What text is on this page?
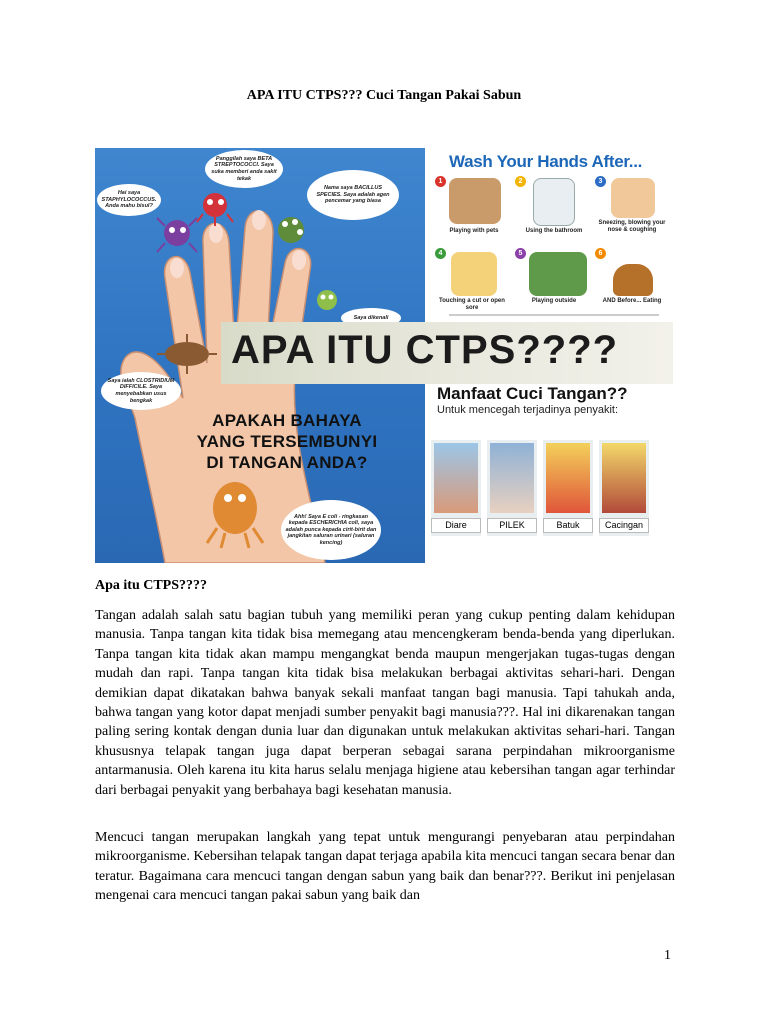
APA ITU CTPS??? Cuci Tangan Pakai Sabun
Panggilah saya BETA STREPTOCOCCI. Saya suka memberi anda sakit tekak
Hai saya STAPHYLOCOCCUS. Anda mahu bisul?
Nama saya BACILLUS SPECIES. Saya adalah agen pencemar yang biasa
Saya dikenali
Saya ialah CLOSTRIDIUM DIFFICILE. Saya menyebabkan usus bengkak
Ahh! Saya E coli - ringkasan kepada ESCHERICHIA coli, saya adalah punca kepada cirit-birit dan jangkitan saluran urinari (saluran kencing)
APAKAH BAHAYA
YANG TERSEMBUNYI
DI TANGAN ANDA?
Wash Your Hands After...
1
Playing with pets
2
Using the bathroom
3
Sneezing, blowing your nose & coughing
4
Touching a cut or open sore
5
Playing outside
6
AND Before... Eating
APA ITU CTPS????
Manfaat Cuci Tangan??
Untuk mencegah terjadinya penyakit:
Diare	PILEK	Batuk	Cacingan
Apa itu CTPS????

Tangan adalah salah satu bagian tubuh yang memiliki peran yang cukup penting dalam kehidupan manusia. Tanpa tangan kita tidak bisa memegang atau mencengkeram benda-benda yang diperlukan. Tanpa tangan kita tidak akan mampu mengangkat benda maupun mengerjakan tugas-tugas dengan mudah dan rapi. Tanpa tangan kita tidak bisa melakukan berbagai aktivitas sehari-hari. Dengan demikian dapat dikatakan bahwa banyak sekali manfaat tangan bagi manusia. Tapi tahukah anda, bahwa tangan yang kotor dapat menjadi sumber penyakit bagi manusia???. Hal ini dikarenakan tangan paling sering kontak dengan dunia luar dan digunakan untuk melakukan aktivitas sehari-hari. Tangan khususnya telapak tangan juga dapat berperan sebagai sarana perpindahan mikroorganisme antarmanusia. Oleh karena itu kita harus selalu menjaga higiene atau kebersihan tangan agar terhindar dari berbagai penyakit yang berbahaya bagi kesehatan manusia.

Mencuci tangan merupakan langkah yang tepat untuk mengurangi penyebaran atau perpindahan mikroorganisme. Kebersihan telapak tangan dapat terjaga apabila kita mencuci tangan secara benar dan teratur. Bagaimana cara mencuci tangan dengan sabun yang baik dan benar???. Berikut ini penjelasan mengenai cara mencuci tangan pakai sabun yang baik dan

1
